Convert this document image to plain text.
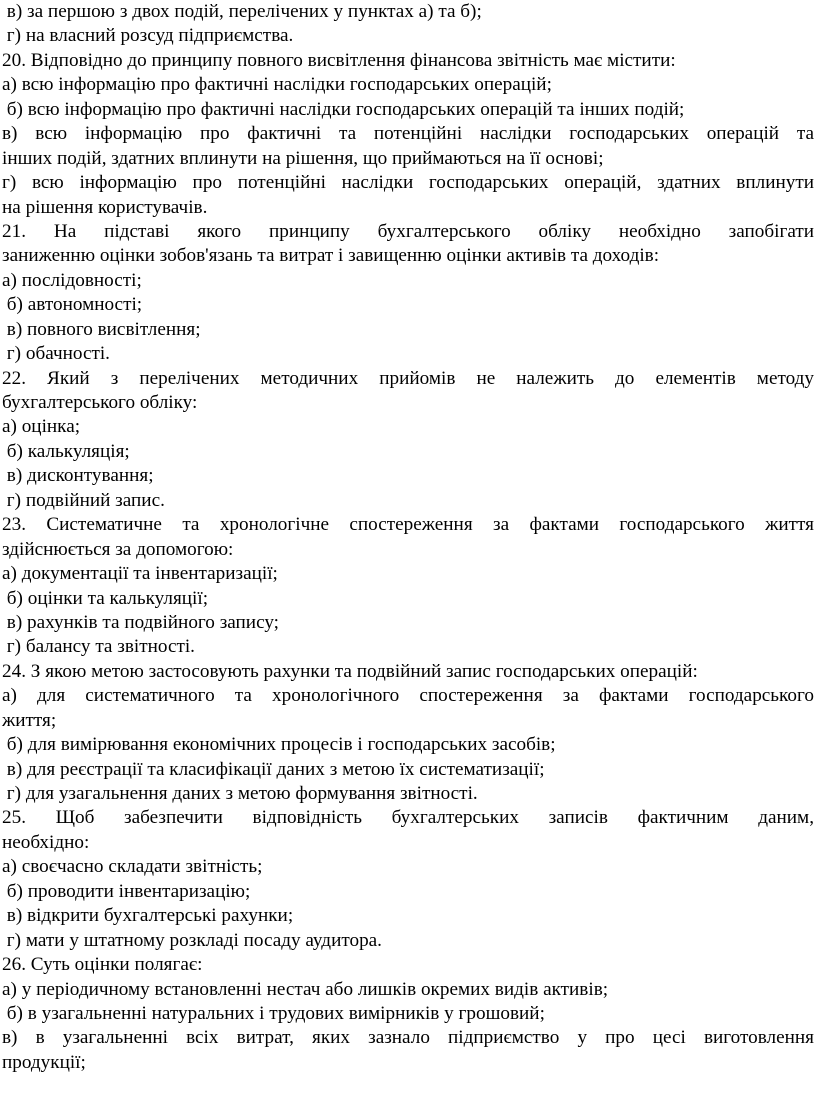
в) за першою з двох подій, перелічених у пунктах а) та б);
г) на власний розсуд підприємства.
20. Відповідно до принципу повного висвітлення фінансова звітність має містити:
а) всю інформацію про фактичні наслідки господарських операцій;
б) всю інформацію про фактичні наслідки господарських операцій та інших подій;
в) всю інформацію про фактичні та потенційні наслідки господарських операцій та
інших подій, здатних вплинути на рішення, що приймаються на її основі;
г) всю інформацію про потенційні наслідки господарських операцій, здатних вплинути
на рішення користувачів.
21. На підставі якого принципу бухгалтерського обліку необхідно запобігати
заниженню оцінки зобов'язань та витрат і завищенню оцінки активів та доходів:
а) послідовності;
б) автономності;
в) повного висвітлення;
г) обачності.
22. Який з перелічених методичних прийомів не належить до елементів методу
бухгалтерського обліку:
а) оцінка;
б) калькуляція;
в) дисконтування;
г) подвійний запис.
23. Систематичне та хронологічне спостереження за фактами господарського життя
здійснюється за допомогою:
а) документації та інвентаризації;
б) оцінки та калькуляції;
в) рахунків та подвійного запису;
г) балансу та звітності.
24. З якою метою застосовують рахунки та подвійний запис господарських операцій:
а) для систематичного та хронологічного спостереження за фактами господарського
життя;
б) для вимірювання економічних процесів і господарських засобів;
в) для реєстрації та класифікації даних з метою їх систематизації;
г) для узагальнення даних з метою формування звітності.
25. Щоб забезпечити відповідність бухгалтерських записів фактичним даним,
необхідно:
а) своєчасно складати звітність;
б) проводити інвентаризацію;
в) відкрити бухгалтерські рахунки;
г) мати у штатному розкладі посаду аудитора.
26. Суть оцінки полягає:
а) у періодичному встановленні нестач або лишків окремих видів активів;
б) в узагальненні натуральних і трудових вимірників у грошовий;
в) в узагальненні всіх витрат, яких зазнало підприємство у про цесі виготовлення
продукції;
